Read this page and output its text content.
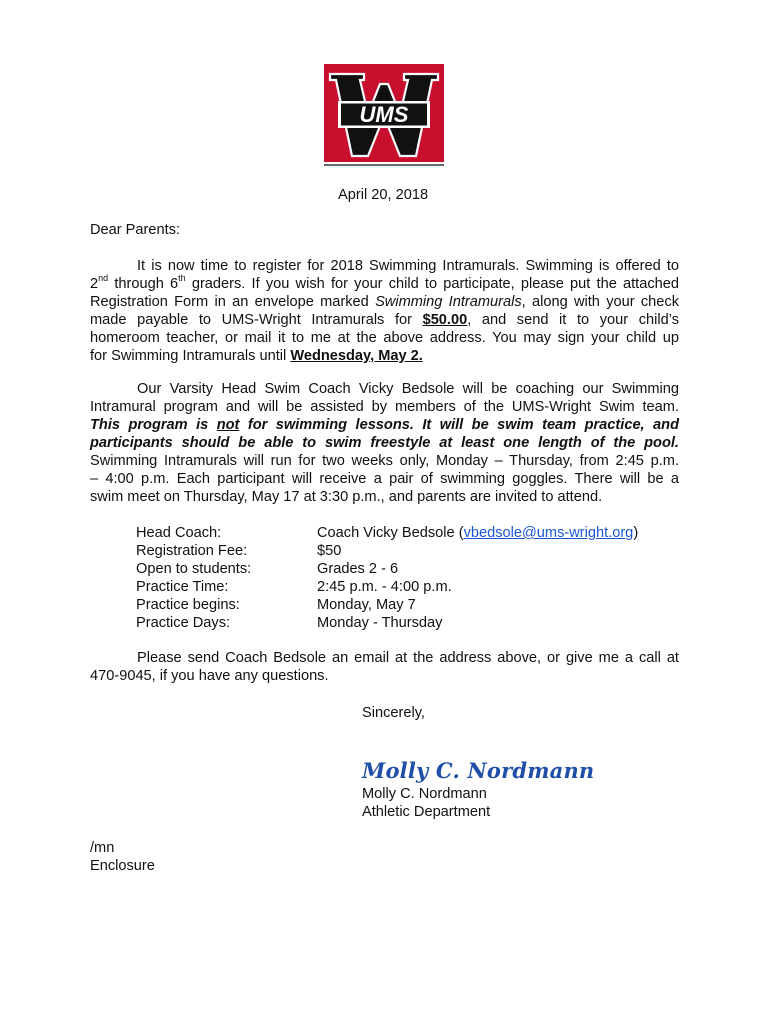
UMS

April 20, 2018

Dear Parents:

It is now time to register for 2018 Swimming Intramurals. Swimming is offered to
2nd through 6th graders. If you wish for your child to participate, please put the attached
Registration Form in an envelope marked Swimming Intramurals, along with your check
made payable to UMS-Wright Intramurals for $50.00, and send it to your child’s
homeroom teacher, or mail it to me at the above address. You may sign your child up
for Swimming Intramurals until Wednesday, May 2.
Our Varsity Head Swim Coach Vicky Bedsole will be coaching our Swimming
Intramural program and will be assisted by members of the UMS-Wright Swim team.
This program is not for swimming lessons. It will be swim team practice, and
participants should be able to swim freestyle at least one length of the pool.
Swimming Intramurals will run for two weeks only, Monday – Thursday, from 2:45 p.m.
– 4:00 p.m. Each participant will receive a pair of swimming goggles. There will be a
swim meet on Thursday, May 17 at 3:30 p.m., and parents are invited to attend.
Head Coach:	Coach Vicky Bedsole (vbedsole@ums-wright.org)
Registration Fee:	$50
Open to students:	Grades 2 - 6
Practice Time:	2:45 p.m. - 4:00 p.m.
Practice begins:	Monday, May 7
Practice Days:	Monday - Thursday
Please send Coach Bedsole an email at the address above, or give me a call at
470-9045, if you have any questions.

Sincerely,

Molly C. Nordmann

Molly C. Nordmann

Athletic Department

/mn

Enclosure
